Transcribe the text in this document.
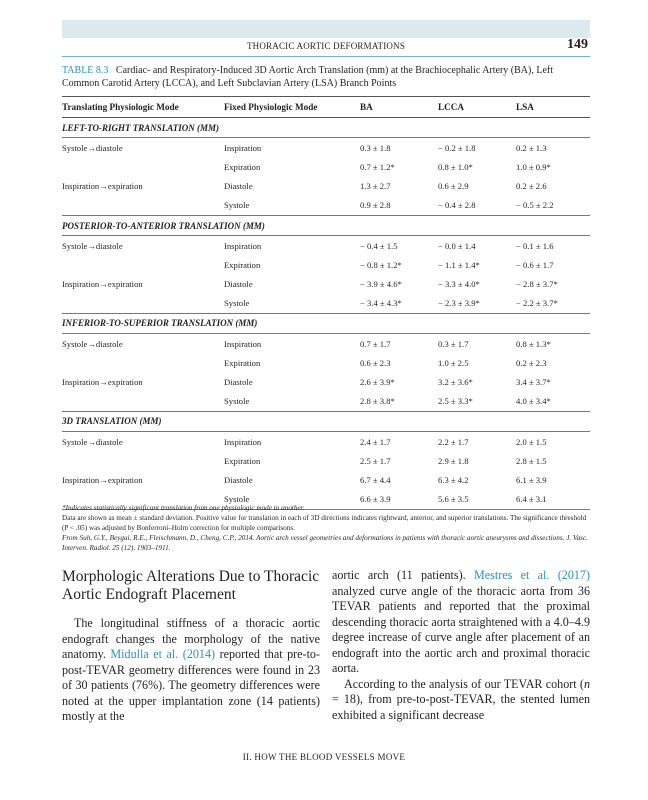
THORACIC AORTIC DEFORMATIONS	149
TABLE 8.3 Cardiac- and Respiratory-Induced 3D Aortic Arch Translation (mm) at the Brachiocephalic Artery (BA), Left Common Carotid Artery (LCCA), and Left Subclavian Artery (LSA) Branch Points
Translating Physiologic Mode	Fixed Physiologic Mode	BA	LCCA	LSA
LEFT-TO-RIGHT TRANSLATION (MM)				
Systole→diastole	Inspiration	0.3 ± 1.8	− 0.2 ± 1.8	0.2 ± 1.3
	Expiration	0.7 ± 1.2*	0.8 ± 1.0*	1.0 ± 0.9*
Inspiration→expiration	Diastole	1.3 ± 2.7	0.6 ± 2.9	0.2 ± 2.6
	Systole	0.9 ± 2.8	− 0.4 ± 2.8	− 0.5 ± 2.2
POSTERIOR-TO-ANTERIOR TRANSLATION (MM)				
Systole→diastole	Inspiration	− 0.4 ± 1.5	− 0.0 ± 1.4	− 0.1 ± 1.6
	Expiration	− 0.8 ± 1.2*	− 1.1 ± 1.4*	− 0.6 ± 1.7
Inspiration→expiration	Diastole	− 3.9 ± 4.6*	− 3.3 ± 4.0*	− 2.8 ± 3.7*
	Systole	− 3.4 ± 4.3*	− 2.3 ± 3.9*	− 2.2 ± 3.7*
INFERIOR-TO-SUPERIOR TRANSLATION (MM)				
Systole→diastole	Inspiration	0.7 ± 1.7	0.3 ± 1.7	0.8 ± 1.3*
	Expiration	0.6 ± 2.3	1.0 ± 2.5	0.2 ± 2.3
Inspiration→expiration	Diastole	2.6 ± 3.9*	3.2 ± 3.6*	3.4 ± 3.7*
	Systole	2.8 ± 3.8*	2.5 ± 3.3*	4.0 ± 3.4*
3D TRANSLATION (MM)				
Systole→diastole	Inspiration	2.4 ± 1.7	2.2 ± 1.7	2.0 ± 1.5
	Expiration	2.5 ± 1.7	2.9 ± 1.8	2.8 ± 1.5
Inspiration→expiration	Diastole	6.7 ± 4.4	6.3 ± 4.2	6.1 ± 3.9
	Systole	6.6 ± 3.9	5.6 ± 3.5	6.4 ± 3.1
*Indicates statistically significant translation from one physiologic mode to another.
Data are shown as mean ± standard deviation. Positive value for translation in each of 3D directions indicates rightward, anterior, and superior translations. The significance threshold (P < .05) was adjusted by Bonferroni–Holm correction for multiple comparisons.
From Suh, G.Y., Beygui, R.E., Fleischmann, D., Cheng, C.P., 2014. Aortic arch vessel geometries and deformations in patients with thoracic aortic aneurysms and dissections. J. Vasc. Interven. Radiol. 25 (12), 1903–1911.
Morphologic Alterations Due to Thoracic Aortic Endograft Placement

The longitudinal stiffness of a thoracic aortic endograft changes the morphology of the native anatomy. Midulla et al. (2014) reported that pre-to-post-TEVAR geometry differences were found in 23 of 30 patients (76%). The geometry differences were noted at the upper implantation zone (14 patients) mostly at the

aortic arch (11 patients). Mestres et al. (2017) analyzed curve angle of the thoracic aorta from 36 TEVAR patients and reported that the proximal descending thoracic aorta straightened with a 4.0–4.9 degree increase of curve angle after placement of an endograft into the aortic arch and proximal thoracic aorta.

According to the analysis of our TEVAR cohort (n = 18), from pre-to-post-TEVAR, the stented lumen exhibited a significant decrease

II. HOW THE BLOOD VESSELS MOVE
